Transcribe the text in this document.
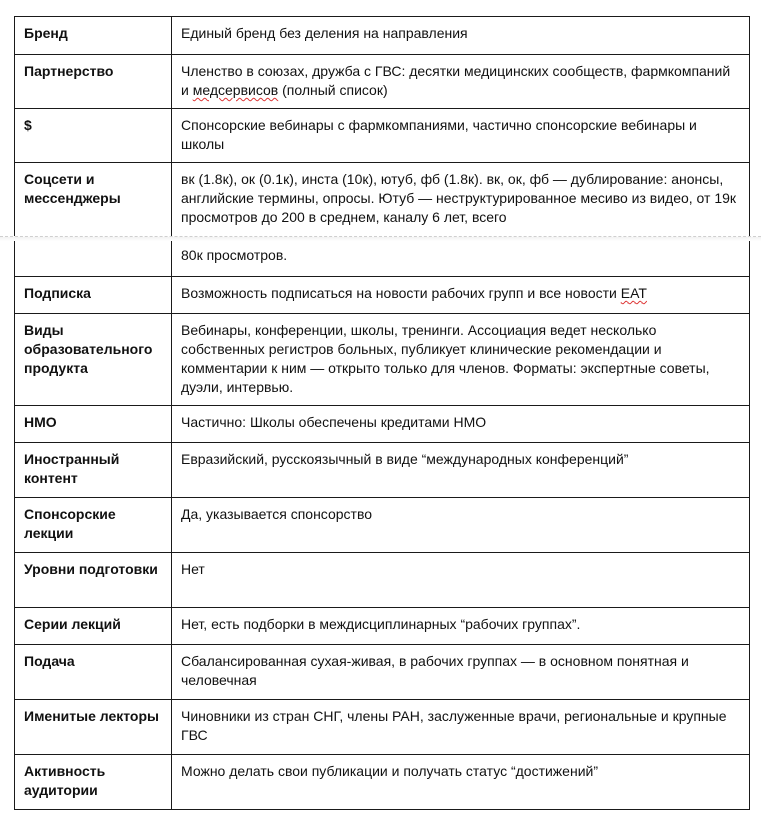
Бренд	Единый бренд без деления на направления
Партнерство	Членство в союзах, дружба с ГВС: десятки медицинских сообществ, фармкомпаний и медсервисов (полный список)
$	Спонсорские вебинары с фармкомпаниями, частично спонсорские вебинары и школы
Соцсети и мессенджеры	вк (1.8к), ок (0.1к), инста (10к), ютуб, фб (1.8к). вк, ок, фб — дублирование: анонсы, английские термины, опросы. Ютуб — неструктурированное месиво из видео, от 19к просмотров до 200 в среднем, каналу 6 лет, всего
	80к просмотров.
Подписка	Возможность подписаться на новости рабочих групп и все новости EAT
Виды образовательного продукта	Вебинары, конференции, школы, тренинги. Ассоциация ведет несколько собственных регистров больных, публикует клинические рекомендации и комментарии к ним — открыто только для членов. Форматы: экспертные советы, дуэли, интервью.
НМО	Частично: Школы обеспечены кредитами НМО
Иностранный контент	Евразийский, русскоязычный в виде “международных конференций”
Спонсорские лекции	Да, указывается спонсорство
Уровни подготовки	Нет
Серии лекций	Нет, есть подборки в междисциплинарных “рабочих группах”.
Подача	Сбалансированная сухая-живая, в рабочих группах — в основном понятная и человечная
Именитые лекторы	Чиновники из стран СНГ, члены РАН, заслуженные врачи, региональные и крупные ГВС
Активность аудитории	Можно делать свои публикации и получать статус “достижений”
